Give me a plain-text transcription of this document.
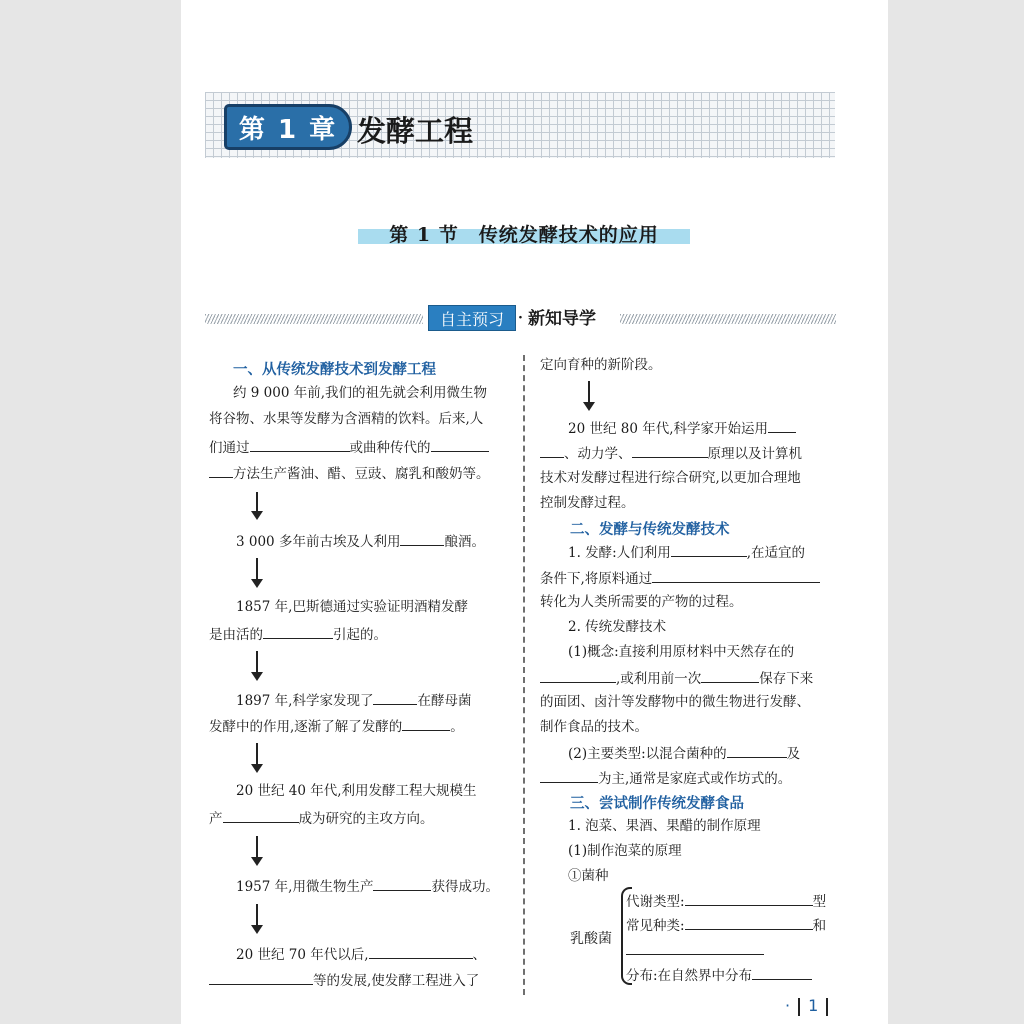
第 1 章 发酵工程
第 1 节　传统发酵技术的应用
自主预习	· 新知导学
一、从传统发酵技术到发酵工程
约 9 000 年前,我们的祖先就会利用微生物
将谷物、水果等发酵为含酒精的饮料。后来,人
们通过	或曲种传代的
方法生产酱油、醋、豆豉、腐乳和酸奶等。
3 000 多年前古埃及人利用	酿酒。
1857 年,巴斯德通过实验证明酒精发酵
是由活的	引起的。
1897 年,科学家发现了	在酵母菌
发酵中的作用,逐渐了解了发酵的	。
20 世纪 40 年代,利用发酵工程大规模生
产	成为研究的主攻方向。
1957 年,用微生物生产	获得成功。
20 世纪 70 年代以后,	、
等的发展,使发酵工程进入了
定向育种的新阶段。
20 世纪 80 年代,科学家开始运用
、动力学、	原理以及计算机
技术对发酵过程进行综合研究,以更加合理地
控制发酵过程。
二、发酵与传统发酵技术
1. 发酵:人们利用	,在适宜的
条件下,将原料通过
转化为人类所需要的产物的过程。
2. 传统发酵技术
(1)概念:直接利用原材料中天然存在的
,或利用前一次	保存下来
的面团、卤汁等发酵物中的微生物进行发酵、
制作食品的技术。
(2)主要类型:以混合菌种的	及
为主,通常是家庭式或作坊式的。
三、尝试制作传统发酵食品
1. 泡菜、果酒、果醋的制作原理
(1)制作泡菜的原理
①菌种
乳酸菌
代谢类型:	型
常见种类:	和
分布:在自然界中分布
· 1
